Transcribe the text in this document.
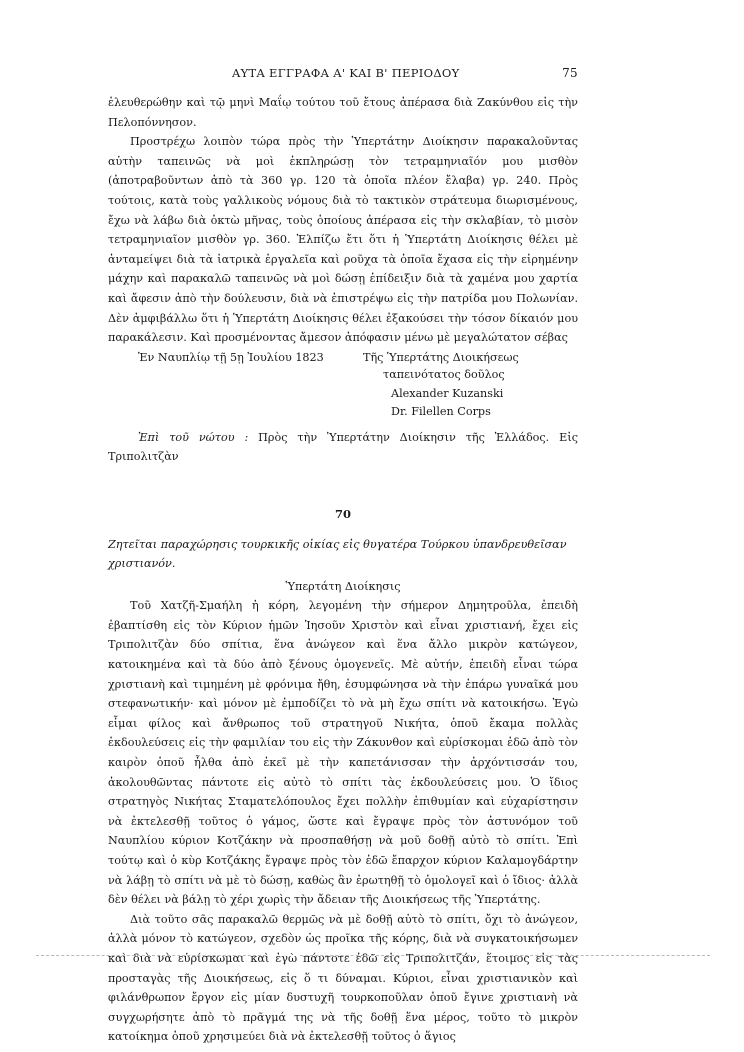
ΑΥΤΑ ΕΓΓΡΑΦΑ Α' ΚΑΙ Β' ΠΕΡΙΟΔΟΥ	75

ἐλευθερώθην καὶ τῷ μηνὶ Μαΐῳ τούτου τοῦ ἔτους ἀπέρασα διὰ Ζακύνθου εἰς τὴν Πελοπόννησον.

Προστρέχω λοιπὸν τώρα πρὸς τὴν Ὑπερτάτην Διοίκησιν παρακαλοῦντας αὐτὴν ταπεινῶς νὰ μοὶ ἐκπληρώσῃ τὸν τετραμηνιαῖόν μου μισθὸν (ἀποτραβοῦντων ἀπὸ τὰ 360 γρ. 120 τὰ ὁποῖα πλέον ἔλαβα) γρ. 240. Πρὸς τούτοις, κατὰ τοὺς γαλλικοὺς νόμους διὰ τὸ τακτικὸν στράτευμα διωρισμένους, ἔχω νὰ λάβω διὰ ὀκτὼ μῆνας, τοὺς ὁποίους ἀπέρασα εἰς τὴν σκλαβίαν, τὸ μισὸν τετραμηνιαῖον μισθὸν γρ. 360. Ἐλπίζω ἔτι ὅτι ἡ Ὑπερτάτη Διοίκησις θέλει μὲ ἀνταμείψει διὰ τὰ ἰατρικὰ ἐργαλεῖα καὶ ροῦχα τὰ ὁποῖα ἔχασα εἰς τὴν εἰρημένην μάχην καὶ παρακαλῶ ταπεινῶς νὰ μοὶ δώσῃ ἐπίδειξιν διὰ τὰ χαμένα μου χαρτία καὶ ἄφεσιν ἀπὸ τὴν δούλευσιν, διὰ νὰ ἐπιστρέψω εἰς τὴν πατρίδα μου Πολωνίαν. Δὲν ἀμφιβάλλω ὅτι ἡ Ὑπερτάτη Διοίκησις θέλει ἐξακούσει τὴν τόσον δίκαιόν μου παρακάλεσιν. Καὶ προσμένοντας ἄμεσον ἀπόφασιν μένω μὲ μεγαλώτατον σέβας

Ἐν Ναυπλίῳ τῇ 5ῃ Ἰουλίου 1823	Τῆς Ὑπερτάτης Διοικήσεως
ταπεινότατος δοῦλος
Alexander Kuzanski
Dr. Filellen Corps

Ἐπὶ τοῦ νώτου : Πρὸς τὴν Ὑπερτάτην Διοίκησιν τῆς Ἑλλάδος. Εἰς Τριπολιτζὰν

70

Ζητεῖται παραχώρησις τουρκικῆς οἰκίας εἰς θυγατέρα Τούρκου ὑπανδρευθεῖσαν χριστιανόν.

Ὑπερτάτη Διοίκησις

Τοῦ Χατζῆ-Σμαήλη ἡ κόρη, λεγομένη τὴν σήμερον Δημητροῦλα, ἐπειδὴ ἐβαπτίσθη εἰς τὸν Κύριον ἡμῶν Ἰησοῦν Χριστὸν καὶ εἶναι χριστιανή, ἔχει εἰς Τριπολιτζὰν δύο σπίτια, ἕνα ἀνώγεον καὶ ἕνα ἄλλο μικρὸν κατώγεον, κατοικημένα καὶ τὰ δύο ἀπὸ ξένους ὁμογενεῖς. Μὲ αὐτήν, ἐπειδὴ εἶναι τώρα χριστιανὴ καὶ τιμημένη μὲ φρόνιμα ἤθη, ἐσυμφώνησα νὰ τὴν ἐπάρω γυναῖκά μου στεφανωτικήν· καὶ μόνον μὲ ἐμποδίζει τὸ νὰ μὴ ἔχω σπίτι νὰ κατοικήσω. Ἐγὼ εἶμαι φίλος καὶ ἄνθρωπος τοῦ στρατηγοῦ Νικήτα, ὁποῦ ἔκαμα πολλὰς ἐκδουλεύσεις εἰς τὴν φαμιλίαν του εἰς τὴν Ζάκυνθον καὶ εὑρίσκομαι ἐδῶ ἀπὸ τὸν καιρὸν ὁποῦ ἦλθα ἀπὸ ἐκεῖ μὲ τὴν καπετάνισσαν τὴν ἀρχόντισσάν του, ἀκολουθῶντας πάντοτε εἰς αὐτὸ τὸ σπίτι τὰς ἐκδουλεύσεις μου. Ὁ ἴδιος στρατηγὸς Νικήτας Σταματελόπουλος ἔχει πολλὴν ἐπιθυμίαν καὶ εὐχαρίστησιν νὰ ἐκτελεσθῇ τοῦτος ὁ γάμος, ὥστε καὶ ἔγραψε πρὸς τὸν ἀστυνόμον τοῦ Ναυπλίου κύριον Κοτζάκην νὰ προσπαθήσῃ νὰ μοῦ δοθῇ αὐτὸ τὸ σπίτι. Ἐπὶ τούτῳ καὶ ὁ κὺρ Κοτζάκης ἔγραψε πρὸς τὸν ἐδῶ ἔπαρχον κύριον Καλαμογδάρτην νὰ λάβῃ τὸ σπίτι νὰ μὲ τὸ δώσῃ, καθὼς ἂν ἐρωτηθῇ τὸ ὁμολογεῖ καὶ ὁ ἴδιος· ἀλλὰ δὲν θέλει νὰ βάλῃ τὸ χέρι χωρὶς τὴν ἄδειαν τῆς Διοικήσεως τῆς Ὑπερτάτης.

Διὰ τοῦτο σᾶς παρακαλῶ θερμῶς νὰ μὲ δοθῇ αὐτὸ τὸ σπίτι, ὄχι τὸ ἀνώγεον, ἀλλὰ μόνον τὸ κατώγεον, σχεδὸν ὡς προῖκα τῆς κόρης, διὰ νὰ συγκατοικήσωμεν καὶ διὰ νὰ εὑρίσκωμαι καὶ ἐγὼ πάντοτε ἐδῶ εἰς Τριπολιτζάν, ἕτοιμος εἰς τὰς προσταγὰς τῆς Διοικήσεως, εἰς ὅ τι δύναμαι. Κύριοι, εἶναι χριστιανικὸν καὶ φιλάνθρωπον ἔργον εἰς μίαν δυστυχῆ τουρκοποῦλαν ὁποῦ ἔγινε χριστιανὴ νὰ συγχωρήσητε ἀπὸ τὸ πρᾶγμά της νὰ τῆς δοθῇ ἕνα μέρος, τοῦτο τὸ μικρὸν κατοίκημα ὁποῦ χρησιμεύει διὰ νὰ ἐκτελεσθῇ τοῦτος ὁ ἅγιος
